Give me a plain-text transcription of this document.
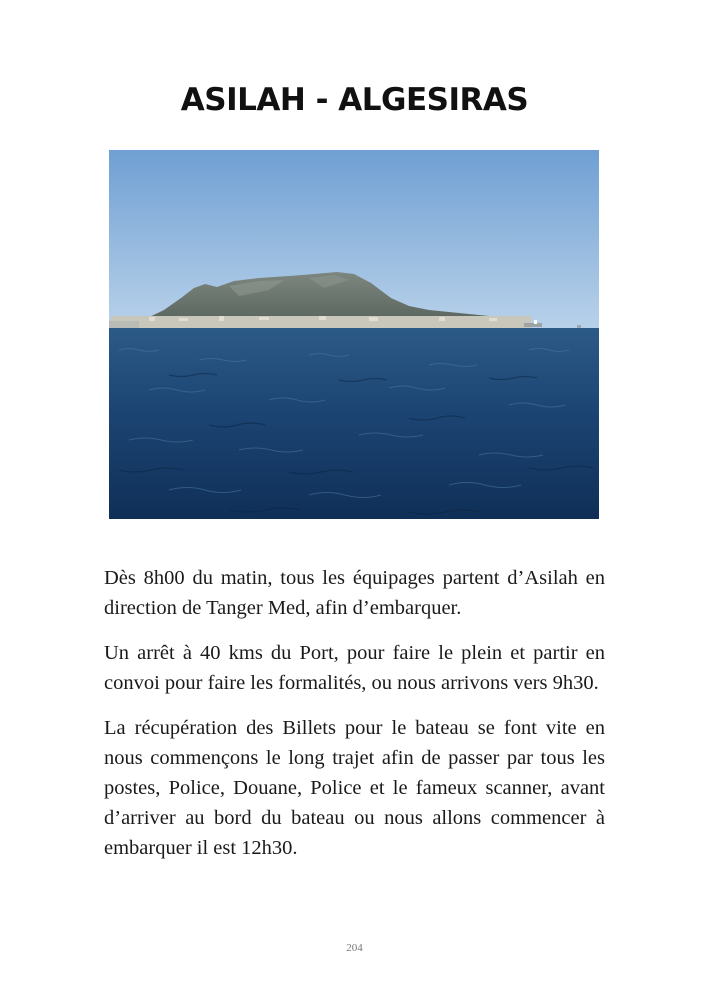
ASILAH - ALGESIRAS

Dès 8h00 du matin, tous les équipages partent d’Asilah en direction de Tanger Med, afin d’embarquer.

Un arrêt à 40 kms du Port, pour faire le plein et partir en convoi pour faire les formalités, ou nous arrivons vers 9h30.

La récupération des Billets pour le bateau se font vite en nous commençons le long trajet afin de passer par tous les postes, Police, Douane, Police et le fameux scanner, avant d’arriver au bord du bateau ou nous allons commencer à embarquer il est 12h30.

204
